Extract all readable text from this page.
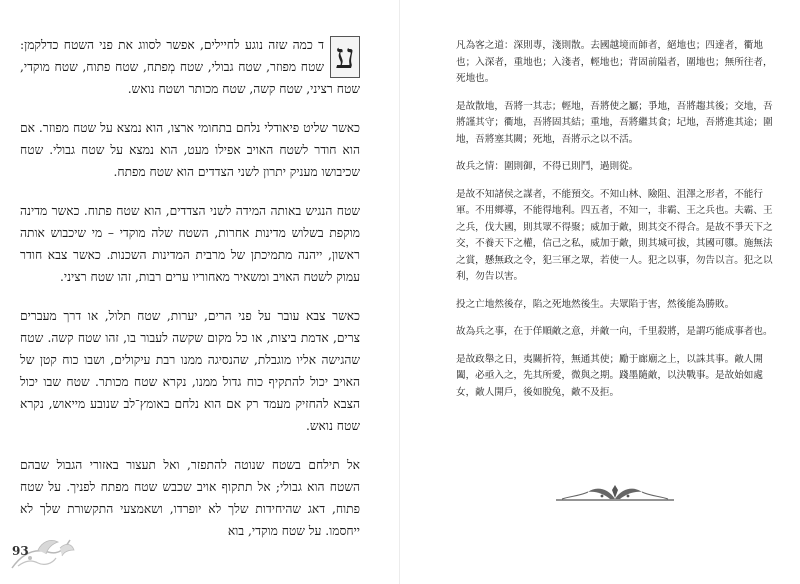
ע
ד כמה שזה נוגע לחיילים, אפשר לסווג את פני השטח כדלקמן: שטח מפוזר, שטח גבולי, שטח מְפתח, שטח פתוח, שטח מוקדי, שטח רציני, שטח קשה, שטח מכותר ושטח נואש.

כאשר שליט פיאודלי נלחם בתחומי ארצו, הוא נמצא על שטח מפוזר. אם הוא חודר לשטח האויב אפילו מעט, הוא נמצא על שטח גבולי. שטח שכיבושו מעניק יתרון לשני הצדדים הוא שטח מפתח.

שטח הנגיש באותה המידה לשני הצדדים, הוא שטח פתוח. כאשר מדינה מוקפת בשלוש מדינות אחרות, השטח שלה מוקדי – מי שיכבוש אותה ראשון, ייהנה מתמיכתן של מרבית המדינות השכנות. כאשר צבא חודר עמוק לשטח האויב ומשאיר מאחוריו ערים רבות, זהו שטח רציני.

כאשר צבא עובר על פני הרים, יערות, שטח תלול, או דרך מעברים צרים, אדמת ביצות, או כל מקום שקשה לעבור בו, זהו שטח קשה. שטח שהגישה אליו מוגבלת, שהנסיגה ממנו רבת עיקולים, ושבו כוח קטן של האויב יכול להתקיף כוח גדול ממנו, נקרא שטח מכותר. שטח שבו יכול הצבא להחזיק מעמד רק אם הוא נלחם באומץ־לב שנובע מייאוש, נקרא שטח נואש.

אל תילחם בשטח שנוטה להתפזר, ואל תעצור באזורי הגבול שבהם השטח הוא גבולי; אל תתקוף אויב שכבש שטח מפתח לפניך. על שטח פתוח, דאג שהיחידות שלך לא יופרדו, ושאמצעי התקשורת שלך לא ייחסמו. על שטח מוקדי, בוא

93

凡為客之道：深則專，淺則散。去國越境而師者，絕地也；四達者，衢地也；入深者，重地也；入淺者，輕地也；背固前隘者，圍地也；無所往者，死地也。

是故散地，吾將一其志；輕地，吾將使之屬；爭地，吾將趨其後；交地，吾將謹其守；衢地，吾將固其結；重地，吾將繼其食；圮地，吾將進其途；圍地，吾將塞其闕；死地，吾將示之以不活。

故兵之情：圍則御，不得已則鬥，過則從。

是故不知諸侯之謀者，不能預交。不知山林、險阻、沮澤之形者，不能行軍。不用鄉導，不能得地利。四五者，不知一，非霸、王之兵也。夫霸、王之兵，伐大國，則其眾不得聚；威加于敵，則其交不得合。是故不爭天下之交，不養天下之權，信己之私，威加于敵，則其城可拔，其國可隳。施無法之賞，懸無政之令，犯三軍之眾，若使一人。犯之以事，勿告以言。犯之以利，勿告以害。

投之亡地然後存，陷之死地然後生。夫眾陷于害，然後能為勝敗。

故為兵之事，在于佯順敵之意，并敵一向，千里殺將，是謂巧能成事者也。

是故政舉之日，夷關折符，無通其使；勵于廊廟之上，以誅其事。敵人開闔，必亟入之，先其所愛，微與之期。踐墨隨敵，以決戰事。是故始如處女，敵人開戶，後如脫兔，敵不及拒。
